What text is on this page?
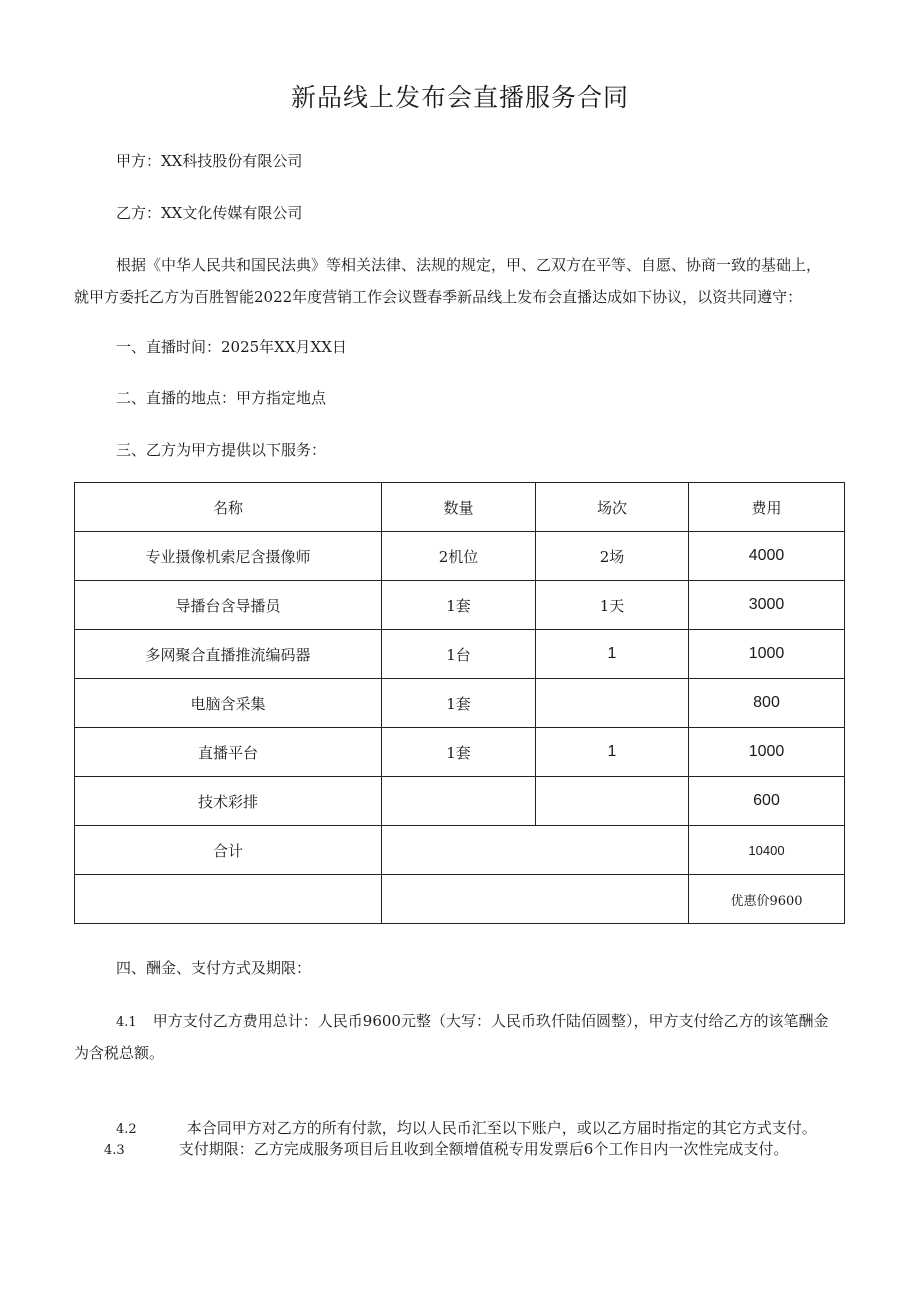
新品线上发布会直播服务合同
甲方：XX科技股份有限公司
乙方：XX文化传媒有限公司
根据《中华人民共和国民法典》等相关法律、法规的规定，甲、乙双方在平等、自愿、协商一致的基础上，
就甲方委托乙方为百胜智能2022年度营销工作会议暨春季新品线上发布会直播达成如下协议，以资共同遵守：
一、直播时间：2025年XX月XX日
二、直播的地点：甲方指定地点
三、乙方为甲方提供以下服务：
名称	数量	场次	费用
专业摄像机索尼含摄像师	2机位	2场	4000
导播台含导播员	1套	1天	3000
多网聚合直播推流编码器	1台	1	1000
电脑含采集	1套		800
直播平台	1套	1	1000
技术彩排			600
合计			10400
			优惠价9600
四、酬金、支付方式及期限：
4.1 甲方支付乙方费用总计：人民币9600元整（大写：人民币玖仟陆佰圆整），甲方支付给乙方的该笔酬金
为含税总额。
4.2	本合同甲方对乙方的所有付款，均以人民币汇至以下账户，或以乙方届时指定的其它方式支付。
4.3	支付期限：乙方完成服务项目后且收到全额增值税专用发票后6个工作日内一次性完成支付。
